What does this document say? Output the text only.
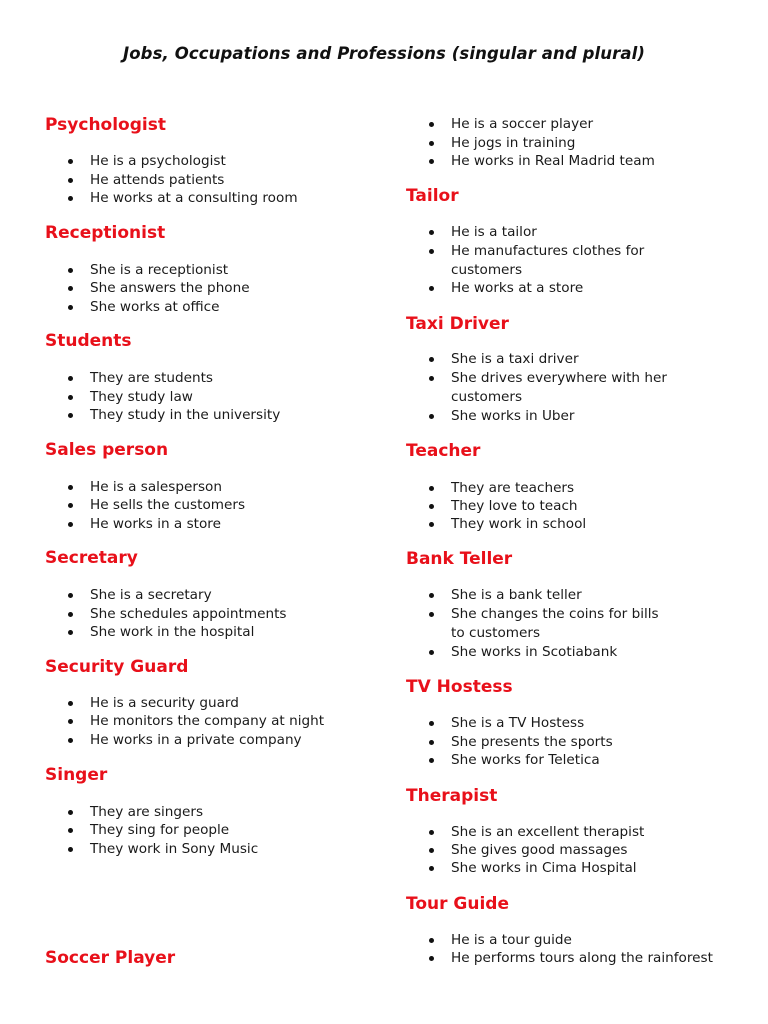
Jobs, Occupations and Professions (singular and plural)
Psychologist
He is a psychologist
He attends patients
He works at a consulting room
Receptionist
She is a receptionist
She answers the phone
She works at office
Students
They are students
They study law
They study in the university
Sales person
He is a salesperson
He sells the customers
He works in a store
Secretary
She is a secretary
She schedules appointments
She work in the hospital
Security Guard
He is a security guard
He monitors the company at night
He works in a private company
Singer
They are singers
They sing for people
They work in Sony Music
Soccer Player
He is a soccer player
He jogs in training
He works in Real Madrid team
Tailor
He is a tailor
He manufactures clothes for customers
He works at a store
Taxi Driver
She is a taxi driver
She drives everywhere with her customers
She works in Uber
Teacher
They are teachers
They love to teach
They work in school
Bank Teller
She is a bank teller
She changes the coins for bills to customers
She works in Scotiabank
TV Hostess
She is a TV Hostess
She presents the sports
She works for Teletica
Therapist
She is an excellent therapist
She gives good massages
She works in Cima Hospital
Tour Guide
He is a tour guide
He performs tours along the rainforest
